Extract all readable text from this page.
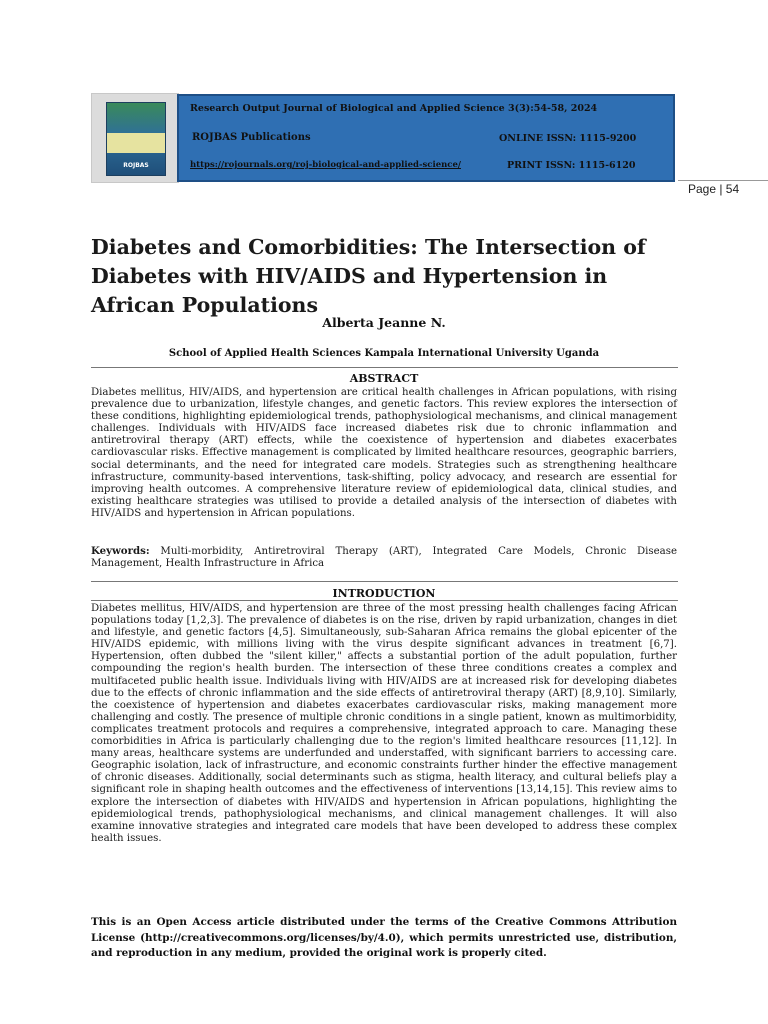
ROJBAS
Research Output Journal of Biological and Applied Science 3(3):54-58, 2024
ROJBAS Publications	ONLINE ISSN: 1115-9200
https://rojournals.org/roj-biological-and-applied-science/	PRINT ISSN: 1115-6120
Page | 54
Diabetes and Comorbidities: The Intersection of Diabetes with HIV/AIDS and Hypertension in African Populations
Alberta Jeanne N.
School of Applied Health Sciences Kampala International University Uganda
ABSTRACT
Diabetes mellitus, HIV/AIDS, and hypertension are critical health challenges in African populations, with rising prevalence due to urbanization, lifestyle changes, and genetic factors. This review explores the intersection of these conditions, highlighting epidemiological trends, pathophysiological mechanisms, and clinical management challenges. Individuals with HIV/AIDS face increased diabetes risk due to chronic inflammation and antiretroviral therapy (ART) effects, while the coexistence of hypertension and diabetes exacerbates cardiovascular risks. Effective management is complicated by limited healthcare resources, geographic barriers, social determinants, and the need for integrated care models. Strategies such as strengthening healthcare infrastructure, community-based interventions, task-shifting, policy advocacy, and research are essential for improving health outcomes. A comprehensive literature review of epidemiological data, clinical studies, and existing healthcare strategies was utilised to provide a detailed analysis of the intersection of diabetes with HIV/AIDS and hypertension in African populations.
Keywords: Multi-morbidity, Antiretroviral Therapy (ART), Integrated Care Models, Chronic Disease Management, Health Infrastructure in Africa
INTRODUCTION
Diabetes mellitus, HIV/AIDS, and hypertension are three of the most pressing health challenges facing African populations today [1,2,3]. The prevalence of diabetes is on the rise, driven by rapid urbanization, changes in diet and lifestyle, and genetic factors [4,5]. Simultaneously, sub-Saharan Africa remains the global epicenter of the HIV/AIDS epidemic, with millions living with the virus despite significant advances in treatment [6,7]. Hypertension, often dubbed the "silent killer," affects a substantial portion of the adult population, further compounding the region's health burden. The intersection of these three conditions creates a complex and multifaceted public health issue. Individuals living with HIV/AIDS are at increased risk for developing diabetes due to the effects of chronic inflammation and the side effects of antiretroviral therapy (ART) [8,9,10]. Similarly, the coexistence of hypertension and diabetes exacerbates cardiovascular risks, making management more challenging and costly. The presence of multiple chronic conditions in a single patient, known as multimorbidity, complicates treatment protocols and requires a comprehensive, integrated approach to care. Managing these comorbidities in Africa is particularly challenging due to the region's limited healthcare resources [11,12]. In many areas, healthcare systems are underfunded and understaffed, with significant barriers to accessing care. Geographic isolation, lack of infrastructure, and economic constraints further hinder the effective management of chronic diseases. Additionally, social determinants such as stigma, health literacy, and cultural beliefs play a significant role in shaping health outcomes and the effectiveness of interventions [13,14,15]. This review aims to explore the intersection of diabetes with HIV/AIDS and hypertension in African populations, highlighting the epidemiological trends, pathophysiological mechanisms, and clinical management challenges. It will also examine innovative strategies and integrated care models that have been developed to address these complex health issues.
This is an Open Access article distributed under the terms of the Creative Commons Attribution License (http://creativecommons.org/licenses/by/4.0), which permits unrestricted use, distribution, and reproduction in any medium, provided the original work is properly cited.
